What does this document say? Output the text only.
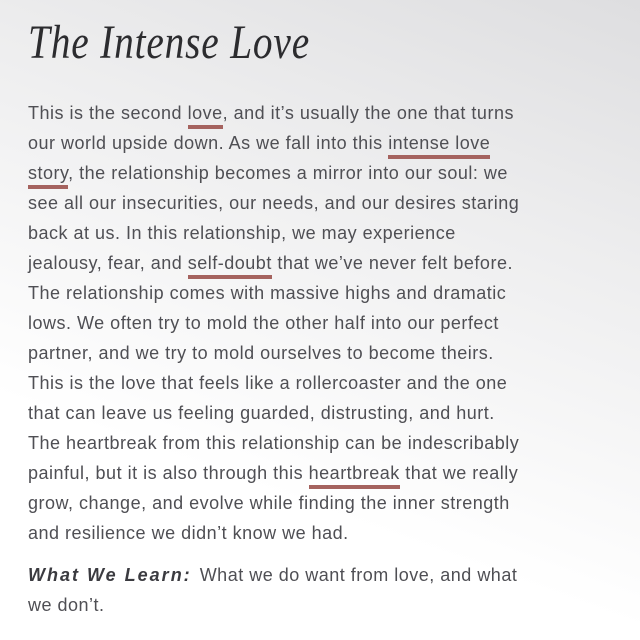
The Intense Love
This is the second love, and it’s usually the one that turns
our world upside down. As we fall into this intense love
story, the relationship becomes a mirror into our soul: we
see all our insecurities, our needs, and our desires staring
back at us. In this relationship, we may experience
jealousy, fear, and self-doubt that we’ve never felt before.
The relationship comes with massive highs and dramatic
lows. We often try to mold the other half into our perfect
partner, and we try to mold ourselves to become theirs.
This is the love that feels like a rollercoaster and the one
that can leave us feeling guarded, distrusting, and hurt.
The heartbreak from this relationship can be indescribably
painful, but it is also through this heartbreak that we really
grow, change, and evolve while finding the inner strength
and resilience we didn’t know we had.
What We Learn: What we do want from love, and what
we don’t.
